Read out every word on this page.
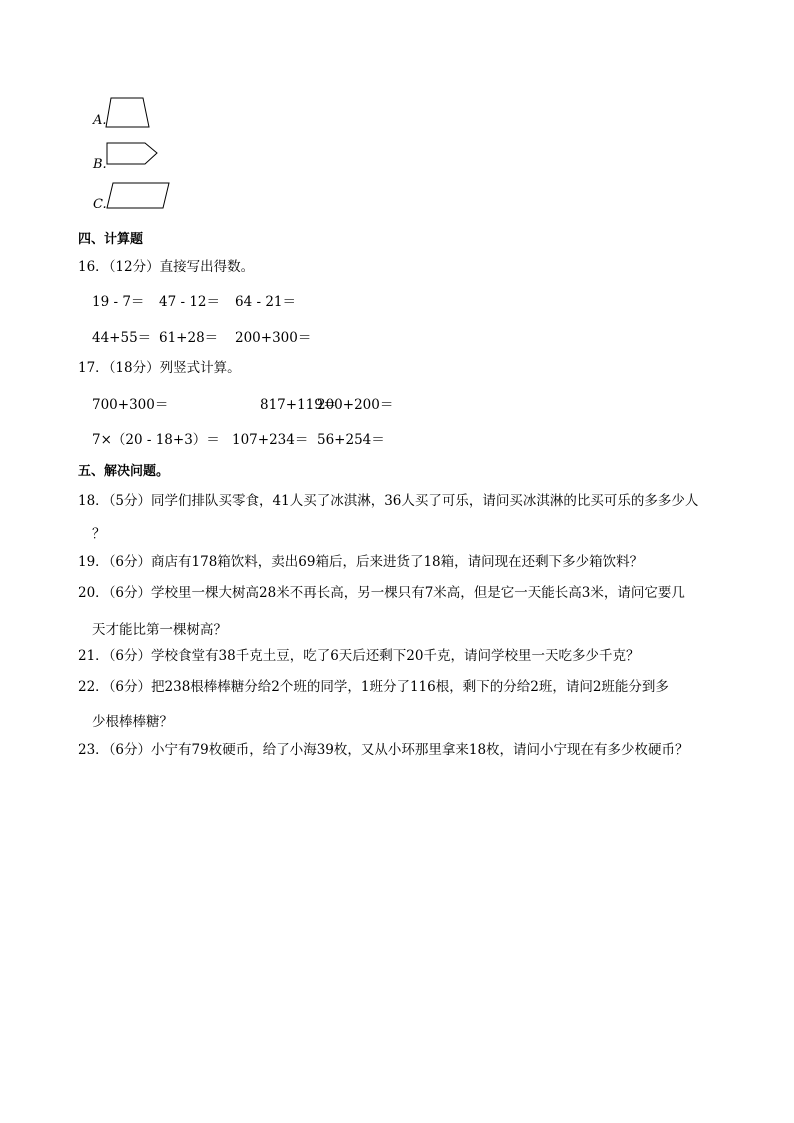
A.
B.
C.
四、计算题
16．（12分）直接写出得数。
19 - 7＝ 47 - 12＝ 64 - 21＝
44+55＝ 61+28＝ 200+300＝
17．（18分）列竖式计算。
700+300＝	817+119＝200+200＝
7×（20 - 18+3）＝ 107+234＝ 56+254＝
五、解决问题。
18．（5分）同学们排队买零食，41人买了冰淇淋，36人买了可乐，请问买冰淇淋的比买可乐的多多少人
？
19．（6分）商店有178箱饮料，卖出69箱后，后来进货了18箱，请问现在还剩下多少箱饮料？
20．（6分）学校里一棵大树高28米不再长高，另一棵只有7米高，但是它一天能长高3米，请问它要几
天才能比第一棵树高？
21．（6分）学校食堂有38千克土豆，吃了6天后还剩下20千克，请问学校里一天吃多少千克？
22．（6分）把238根棒棒糖分给2个班的同学，1班分了116根，剩下的分给2班，请问2班能分到多
少根棒棒糖？
23．（6分）小宁有79枚硬币，给了小海39枚，又从小环那里拿来18枚，请问小宁现在有多少枚硬币？
